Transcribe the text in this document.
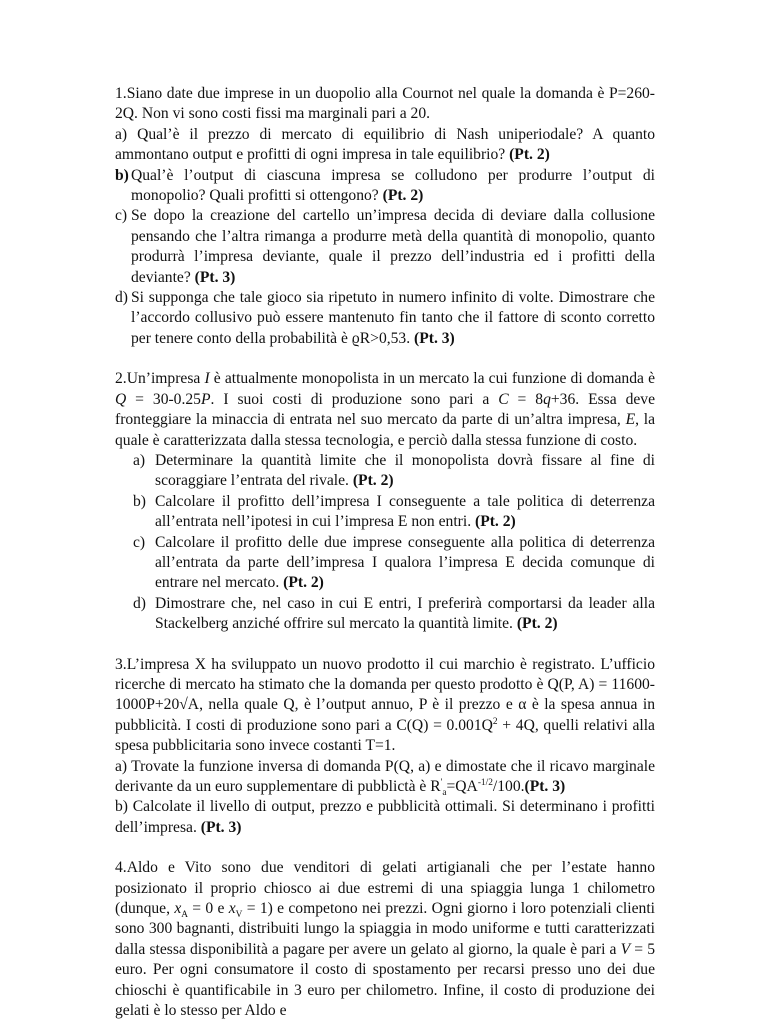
1.Siano date due imprese in un duopolio alla Cournot nel quale la domanda è P=260-2Q. Non vi sono costi fissi ma marginali pari a 20.

a) Qual’è il prezzo di mercato di equilibrio di Nash uniperiodale? A quanto ammontano output e profitti di ogni impresa in tale equilibrio? (Pt. 2)

b) Qual’è l’output di ciascuna impresa se colludono per produrre l’output di monopolio? Quali profitti si ottengono? (Pt. 2)
c) Se dopo la creazione del cartello un’impresa decida di deviare dalla collusione pensando che l’altra rimanga a produrre metà della quantità di monopolio, quanto produrrà l’impresa deviante, quale il prezzo dell’industria ed i profitti della deviante? (Pt. 3)
d) Si supponga che tale gioco sia ripetuto in numero infinito di volte. Dimostrare che l’accordo collusivo può essere mantenuto fin tanto che il fattore di sconto corretto per tenere conto della probabilità è ϱR>0,53. (Pt. 3)

2.Un’impresa I è attualmente monopolista in un mercato la cui funzione di domanda è Q = 30-0.25P. I suoi costi di produzione sono pari a C = 8q+36. Essa deve fronteggiare la minaccia di entrata nel suo mercato da parte di un’altra impresa, E, la quale è caratterizzata dalla stessa tecnologia, e perciò dalla stessa funzione di costo.

a) Determinare la quantità limite che il monopolista dovrà fissare al fine di scoraggiare l’entrata del rivale. (Pt. 2)
b) Calcolare il profitto dell’impresa I conseguente a tale politica di deterrenza all’entrata nell’ipotesi in cui l’impresa E non entri. (Pt. 2)
c) Calcolare il profitto delle due imprese conseguente alla politica di deterrenza all’entrata da parte dell’impresa I qualora l’impresa E decida comunque di entrare nel mercato. (Pt. 2)
d) Dimostrare che, nel caso in cui E entri, I preferirà comportarsi da leader alla Stackelberg anziché offrire sul mercato la quantità limite. (Pt. 2)

3.L’impresa X ha sviluppato un nuovo prodotto il cui marchio è registrato. L’ufficio ricerche di mercato ha stimato che la domanda per questo prodotto è Q(P, A) = 11600-1000P+20√A, nella quale Q, è l’output annuo, P è il prezzo e α è la spesa annua in pubblicità. I costi di produzione sono pari a $C(Q) = 0.001Q^2 + 4Q$, quelli relativi alla spesa pubblicitaria sono invece costanti T=1.

a) Trovate la funzione inversa di domanda P(Q, a) e dimostate che il ricavo marginale derivante da un euro supplementare di pubblictà è $R'_a=QA^{-1/2}/100.(Pt$. 3)

b) Calcolate il livello di output, prezzo e pubblicità ottimali. Si determinano i profitti dell’impresa. (Pt. 3)

4.Aldo e Vito sono due venditori di gelati artigianali che per l’estate hanno posizionato il proprio chiosco ai due estremi di una spiaggia lunga 1 chilometro (dunque, $x_A = 0$ e $x_V = 1$) e competono nei prezzi. Ogni giorno i loro potenziali clienti sono 300 bagnanti, distribuiti lungo la spiaggia in modo uniforme e tutti caratterizzati dalla stessa disponibilità a pagare per avere un gelato al giorno, la quale è pari a V = 5 euro. Per ogni consumatore il costo di spostamento per recarsi presso uno dei due chioschi è quantificabile in 3 euro per chilometro. Infine, il costo di produzione dei gelati è lo stesso per Aldo e
